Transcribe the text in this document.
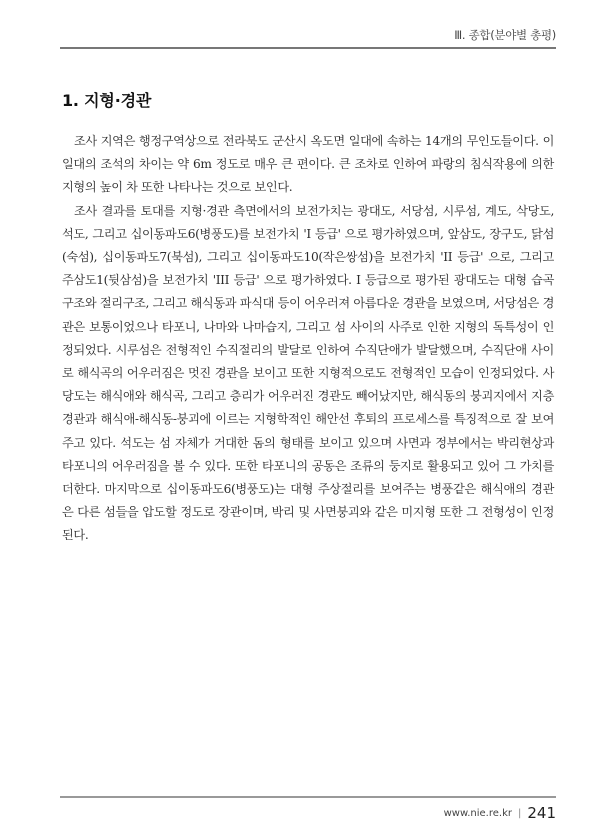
Ⅲ. 종합(분야별 총평)
1. 지형·경관

조사 지역은 행정구역상으로 전라북도 군산시 옥도면 일대에 속하는 14개의 무인도들이다. 이 일대의 조석의 차이는 약 6m 정도로 매우 큰 편이다. 큰 조차로 인하여 파랑의 침식작용에 의한 지형의 높이 차 또한 나타나는 것으로 보인다.

조사 결과를 토대를 지형·경관 측면에서의 보전가치는 광대도, 서당섬, 시루섬, 계도, 삭당도, 석도, 그리고 십이동파도6(병풍도)를 보전가치 'I 등급' 으로 평가하였으며, 앞삼도, 장구도, 닭섬(숙섬), 십이동파도7(북섬), 그리고 십이동파도10(작은쌍섬)을 보전가치 'II 등급' 으로, 그리고 주삼도1(뒷삼섬)을 보전가치 'III 등급' 으로 평가하였다. I 등급으로 평가된 광대도는 대형 습곡구조와 절리구조, 그리고 해식동과 파식대 등이 어우러져 아름다운 경관을 보였으며, 서당섬은 경관은 보통이었으나 타포니, 나마와 나마습지, 그리고 섬 사이의 사주로 인한 지형의 독특성이 인정되었다. 시루섬은 전형적인 수직절리의 발달로 인하여 수직단애가 발달했으며, 수직단애 사이로 해식곡의 어우러짐은 멋진 경관을 보이고 또한 지형적으로도 전형적인 모습이 인정되었다. 사당도는 해식애와 해식곡, 그리고 층리가 어우러진 경관도 빼어났지만, 해식동의 붕괴지에서 지층경관과 해식애-해식동-붕괴에 이르는 지형학적인 해안선 후퇴의 프로세스를 특징적으로 잘 보여주고 있다. 석도는 섬 자체가 거대한 돔의 형태를 보이고 있으며 사면과 정부에서는 박리현상과 타포니의 어우러짐을 볼 수 있다. 또한 타포니의 공동은 조류의 둥지로 활용되고 있어 그 가치를 더한다. 마지막으로 십이동파도6(병풍도)는 대형 주상절리를 보여주는 병풍같은 해식애의 경관은 다른 섬들을 압도할 정도로 장관이며, 박리 및 사면붕괴와 같은 미지형 또한 그 전형성이 인정된다.

www.nie.re.kr | 241
